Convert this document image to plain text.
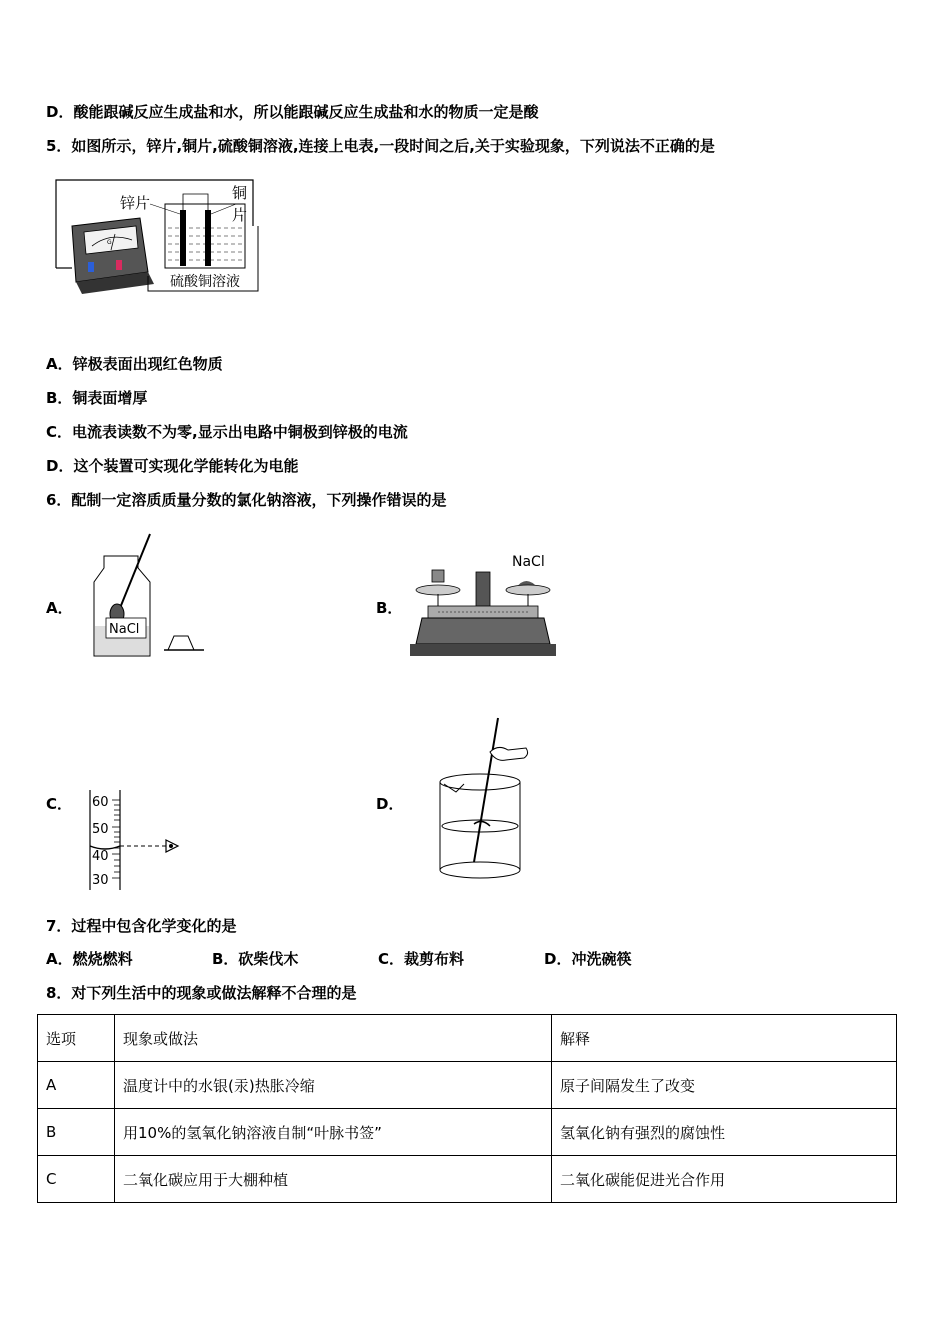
D．酸能跟碱反应生成盐和水，所以能跟碱反应生成盐和水的物质一定是酸
5．如图所示，锌片,铜片,硫酸铜溶液,连接上电表,一段时间之后,关于实验现象，下列说法不正确的是
G
锌片
铜
片
硫酸铜溶液
A．锌极表面出现红色物质
B．铜表面增厚
C．电流表读数不为零,显示出电路中铜极到锌极的电流
D．这个装置可实现化学能转化为电能
6．配制一定溶质质量分数的氯化钠溶液，下列操作错误的是
A．
NaCl
B．
NaCl
C． 60
50
40
30
D．
7．过程中包含化学变化的是
A．燃烧燃料	B．砍柴伐木	C．裁剪布料	D．冲洗碗筷
8．对下列生活中的现象或做法解释不合理的是
选项	现象或做法	解释
A	温度计中的水银(汞)热胀冷缩	原子间隔发生了改变
B	用10%的氢氧化钠溶液自制“叶脉书签”	氢氧化钠有强烈的腐蚀性
C	二氧化碳应用于大棚种植	二氧化碳能促进光合作用
